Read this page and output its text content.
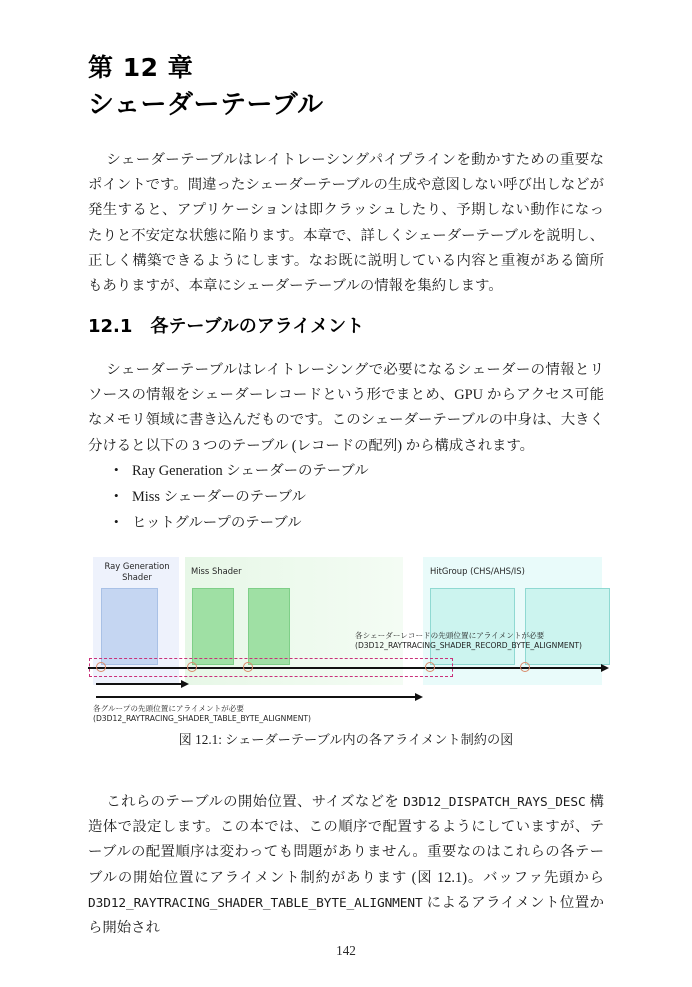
第 12 章
シェーダーテーブル
シェーダーテーブルはレイトレーシングパイプラインを動かすための重要なポイントです。間違ったシェーダーテーブルの生成や意図しない呼び出しなどが発生すると、アプリケーションは即クラッシュしたり、予期しない動作になったりと不安定な状態に陥ります。本章で、詳しくシェーダーテーブルを説明し、正しく構築できるようにします。なお既に説明している内容と重複がある箇所もありますが、本章にシェーダーテーブルの情報を集約します。
12.1 各テーブルのアライメント
シェーダーテーブルはレイトレーシングで必要になるシェーダーの情報とリソースの情報をシェーダーレコードという形でまとめ、GPU からアクセス可能なメモリ領域に書き込んだものです。このシェーダーテーブルの中身は、大きく分けると以下の 3 つのテーブル (レコードの配列) から構成されます。
• Ray Generation シェーダーのテーブル
• Miss シェーダーのテーブル
• ヒットグループのテーブル
Ray Generation Shader
Miss Shader	HitGroup (CHS/AHS/IS)
各シェーダーレコードの先頭位置にアライメントが必要
(D3D12_RAYTRACING_SHADER_RECORD_BYTE_ALIGNMENT)
各グループの先頭位置にアライメントが必要
(D3D12_RAYTRACING_SHADER_TABLE_BYTE_ALIGNMENT)
図 12.1: シェーダーテーブル内の各アライメント制約の図
これらのテーブルの開始位置、サイズなどを D3D12_DISPATCH_RAYS_DESC 構造体で設定します。この本では、この順序で配置するようにしていますが、テーブルの配置順序は変わっても問題がありません。重要なのはこれらの各テーブルの開始位置にアライメント制約があります (図 12.1)。バッファ先頭から D3D12_RAYTRACING_SHADER_TABLE_BYTE_ALIGNMENT によるアライメント位置から開始され
142
